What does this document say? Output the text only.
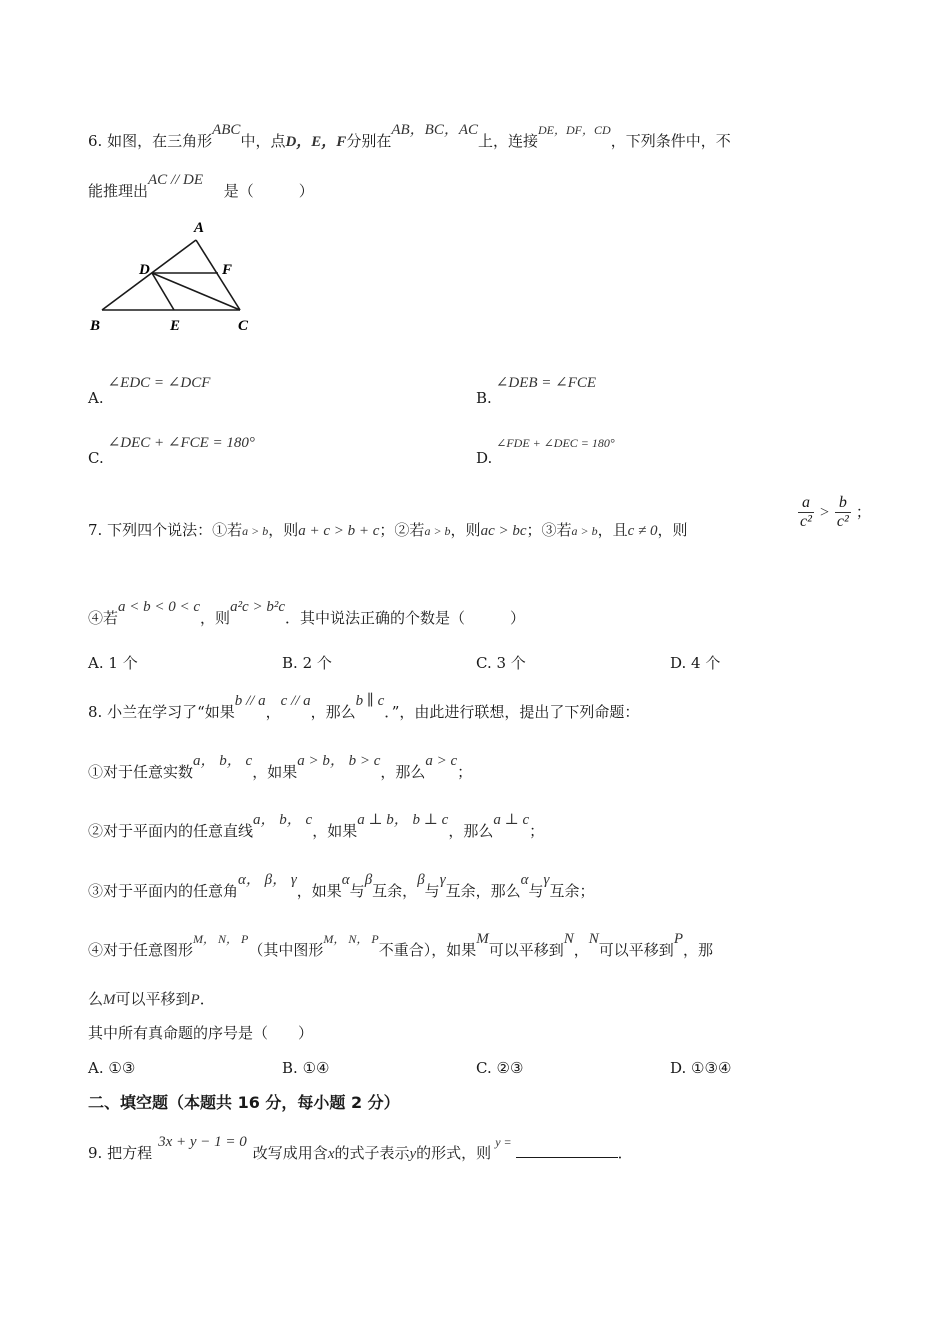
6. 如图，在三角形ABC中，点D，E，F分别在AB，BC，AC上，连接$^{DE,DF,CD}$，下列条件中，不
能推理出AC // DE 是（　　　）
A
D	F
B	E	C
A.∠EDC = ∠DCF
B.∠DEB = ∠FCE
C.∠DEC + ∠FCE = 180°
D.$^{\angle FDE + \angle DEC = 180^\circ}$
7. 下列四个说法：①若a > b，则a + c > b + c；②若a > b，则ac > bc；③若a > b，且c ≠ 0，则	$\frac{a}{\text{c²}} > \frac{b}{\text{c²}}$ ；
④若a < b < 0 < c，则a²c > b²c．其中说法正确的个数是（　　　）
A. 1 个	B. 2 个	C. 3 个	D. 4 个
8. 小兰在学习了“如果b // a，c // a，那么b ∥ c．”，由此进行联想，提出了下列命题：
①对于任意实数a， b， c，如果a > b， b > c，那么a > c；
②对于平面内的任意直线a， b， c，如果a ⊥ b， b ⊥ c，那么a ⊥ c；
③对于平面内的任意角α， β， γ，如果α与β互余，β与γ互余，那么α与γ互余；
④对于任意图形$^{M, N, P}$（其中图形$^{M, N, P}$不重合），如果M可以平移到N，N可以平移到P，那
么M可以平移到P．
其中所有真命题的序号是（　　）
A. ①③	B. ①④	C. ②③	D. ①③④
二、填空题（本题共 16 分，每小题 2 分）
9. 把方程3x + y − 1 = 0改写成用含x的式子表示y的形式，则$^{y =}$．
